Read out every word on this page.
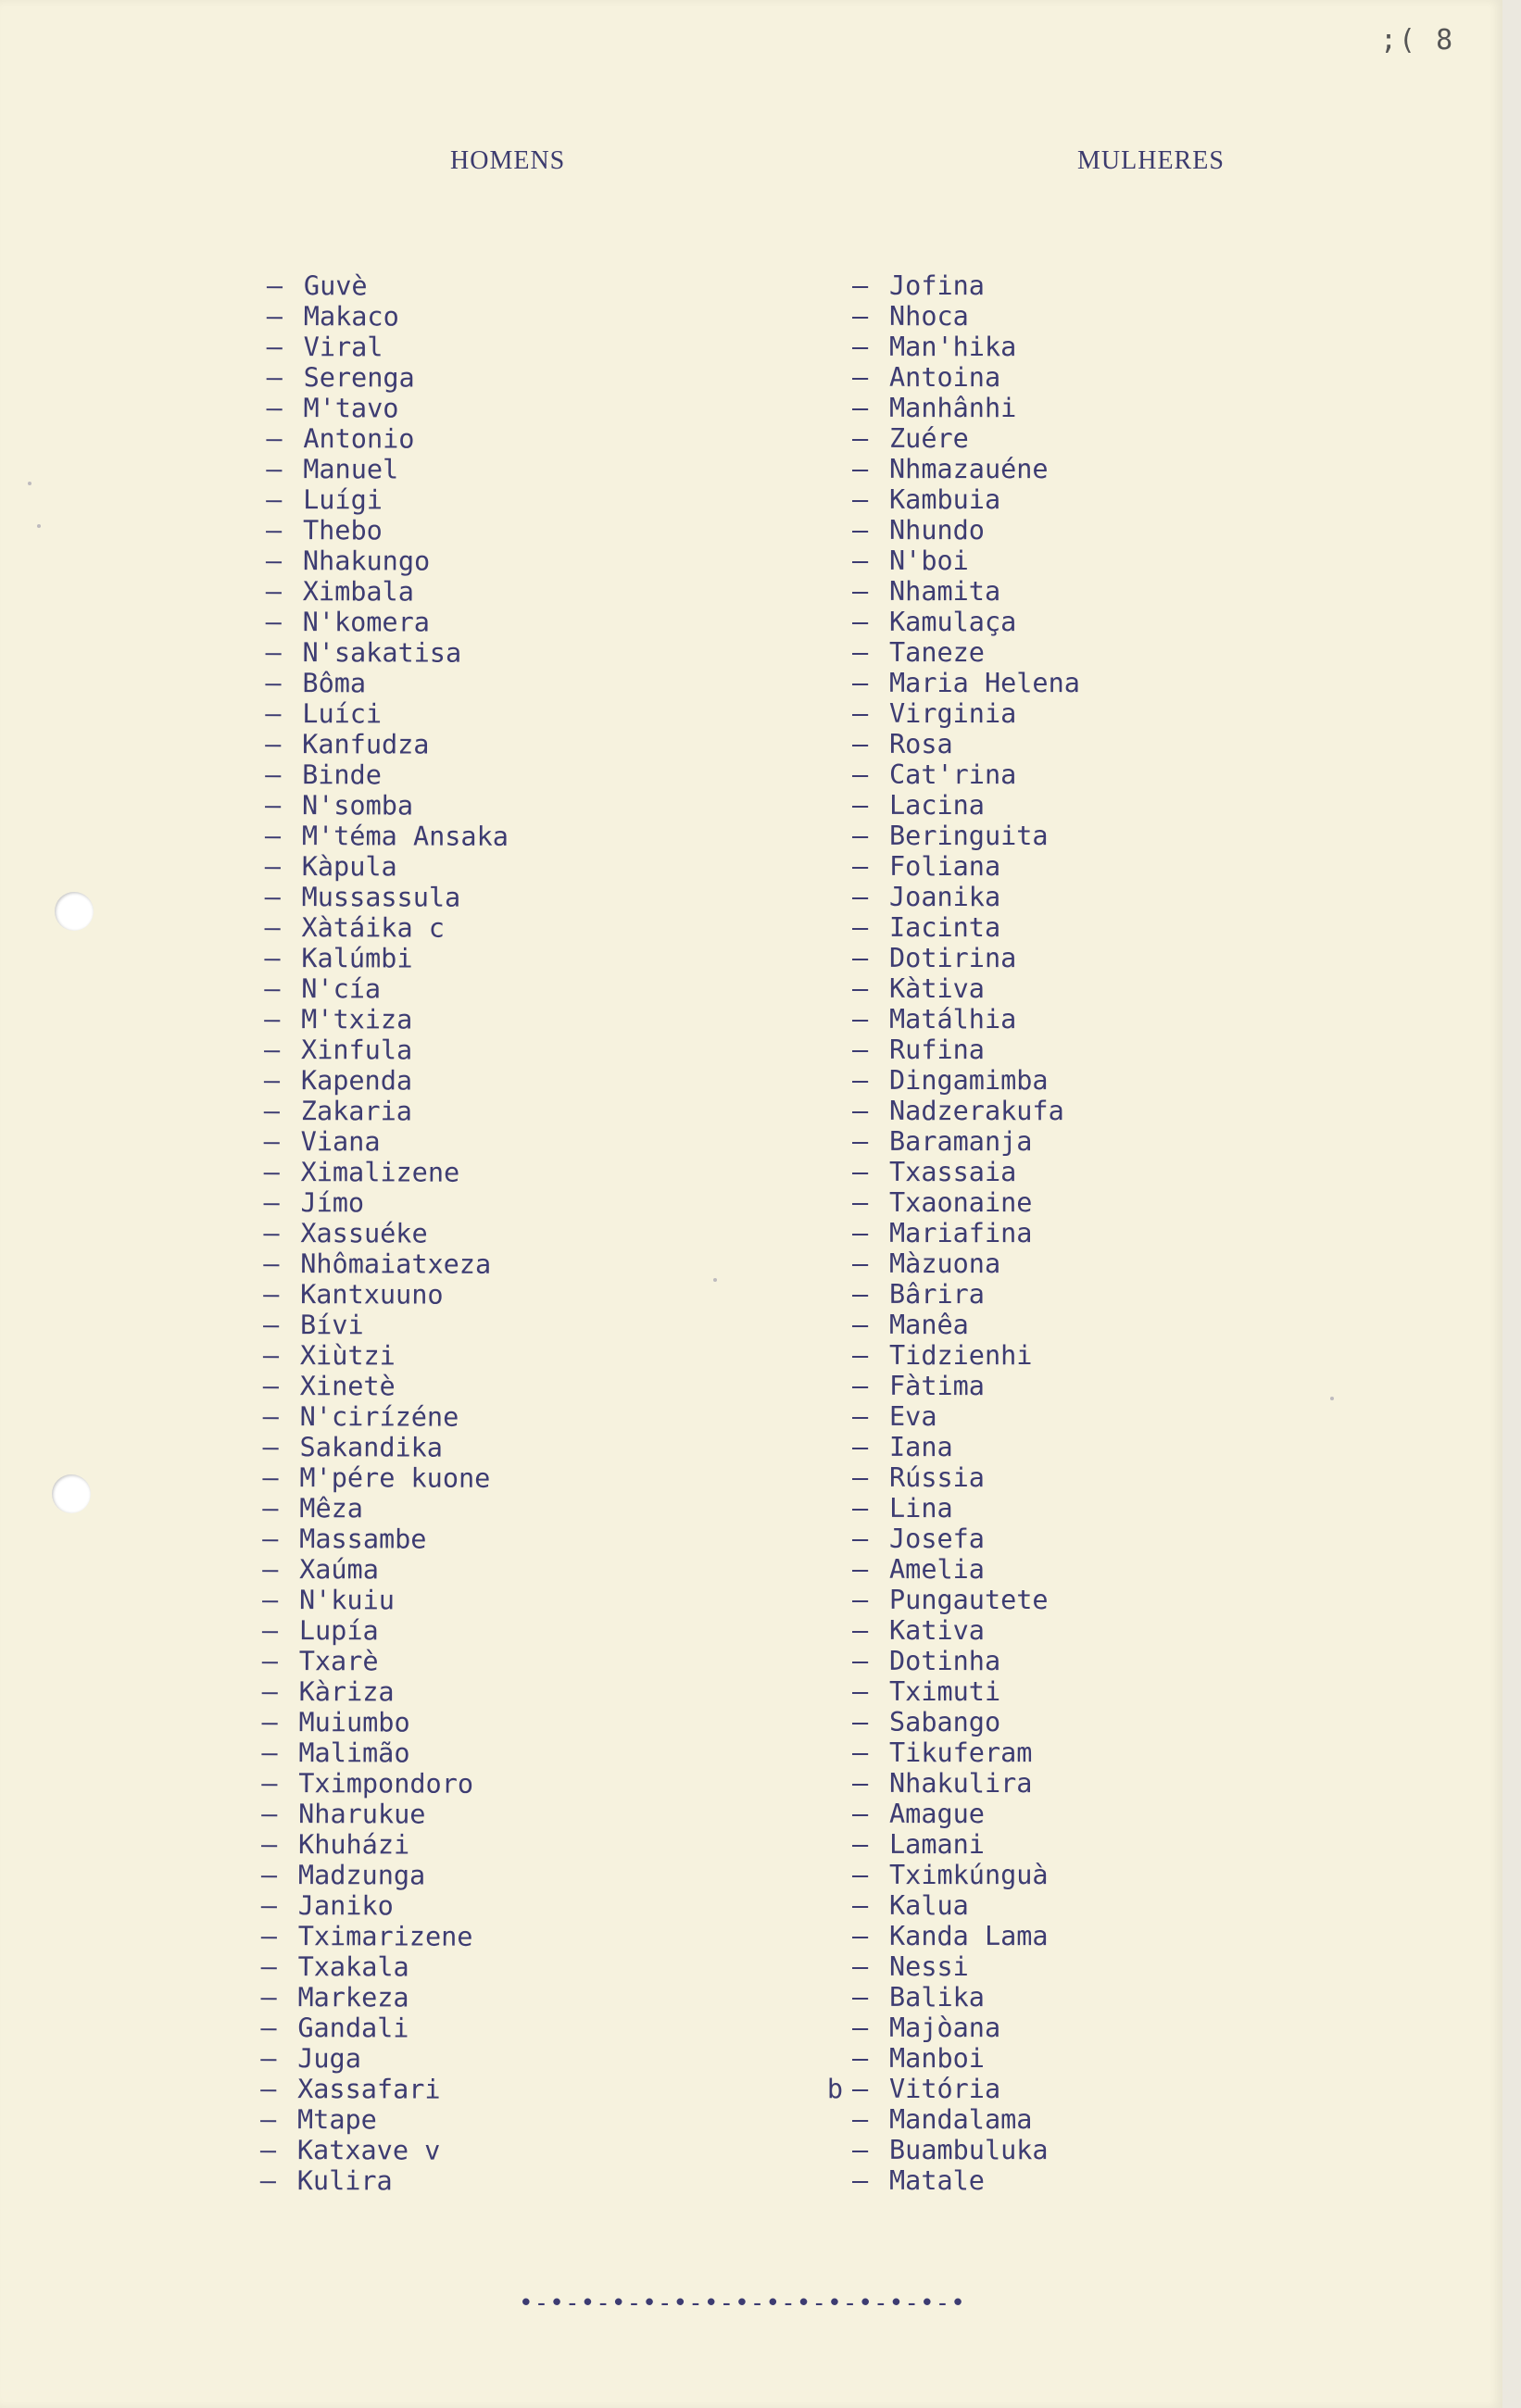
;( 8
HOMENS	MULHERES
– Guvè
– Makaco
– Viral
– Serenga
– M'tavo
– Antonio
– Manuel
– Luígi
– Thebo
– Nhakungo
– Ximbala
– N'komera
– N'sakatisa
– Bôma
– Luíci
– Kanfudza
– Binde
– N'somba
– M'téma Ansaka
– Kàpula
– Mussassula
– Xàtáika c
– Kalúmbi
– N'cía
– M'txiza
– Xinfula
– Kapenda
– Zakaria
– Viana
– Ximalizene
– Jímo
– Xassuéke
– Nhômaiatxeza
– Kantxuuno
– Bívi
– Xiùtzi
– Xinetè
– N'cirízéne
– Sakandika
– M'pére kuone
– Mêza
– Massambe
– Xaúma
– N'kuiu
– Lupía
– Txarè
– Kàriza
– Muiumbo
– Malimão
– Tximpondoro
– Nharukue
– Khuházi
– Madzunga
– Janiko
– Tximarizene
– Txakala
– Markeza
– Gandali
– Juga
– Xassafari
– Mtape
– Katxave v
– Kulira
– Jofina
– Nhoca
– Man'hika
– Antoina
– Manhânhi
– Zuére
– Nhmazauéne
– Kambuia
– Nhundo
– N'boi
– Nhamita
– Kamulaça
– Taneze
– Maria Helena
– Virginia
– Rosa
– Cat'rina
– Lacina
– Beringuita
– Foliana
– Joanika
– Iacinta
– Dotirina
– Kàtiva
– Matálhia
– Rufina
– Dingamimba
– Nadzerakufa
– Baramanja
– Txassaia
– Txaonaine
– Mariafina
– Màzuona
– Bârira
– Manêa
– Tidzienhi
– Fàtima
– Eva
– Iana
– Rússia
– Lina
– Josefa
– Amelia
– Pungautete
– Kativa
– Dotinha
– Tximuti
– Sabango
– Tikuferam
– Nhakulira
– Amague
– Lamani
– Tximkúnguà
– Kalua
– Kanda Lama
– Nessi
– Balika
– Majòana
– Manboi
b – Vitória
– Mandalama
– Buambuluka
– Matale
•-•-•-•-•-•-•-•-•-•-•-•-•-•-•
